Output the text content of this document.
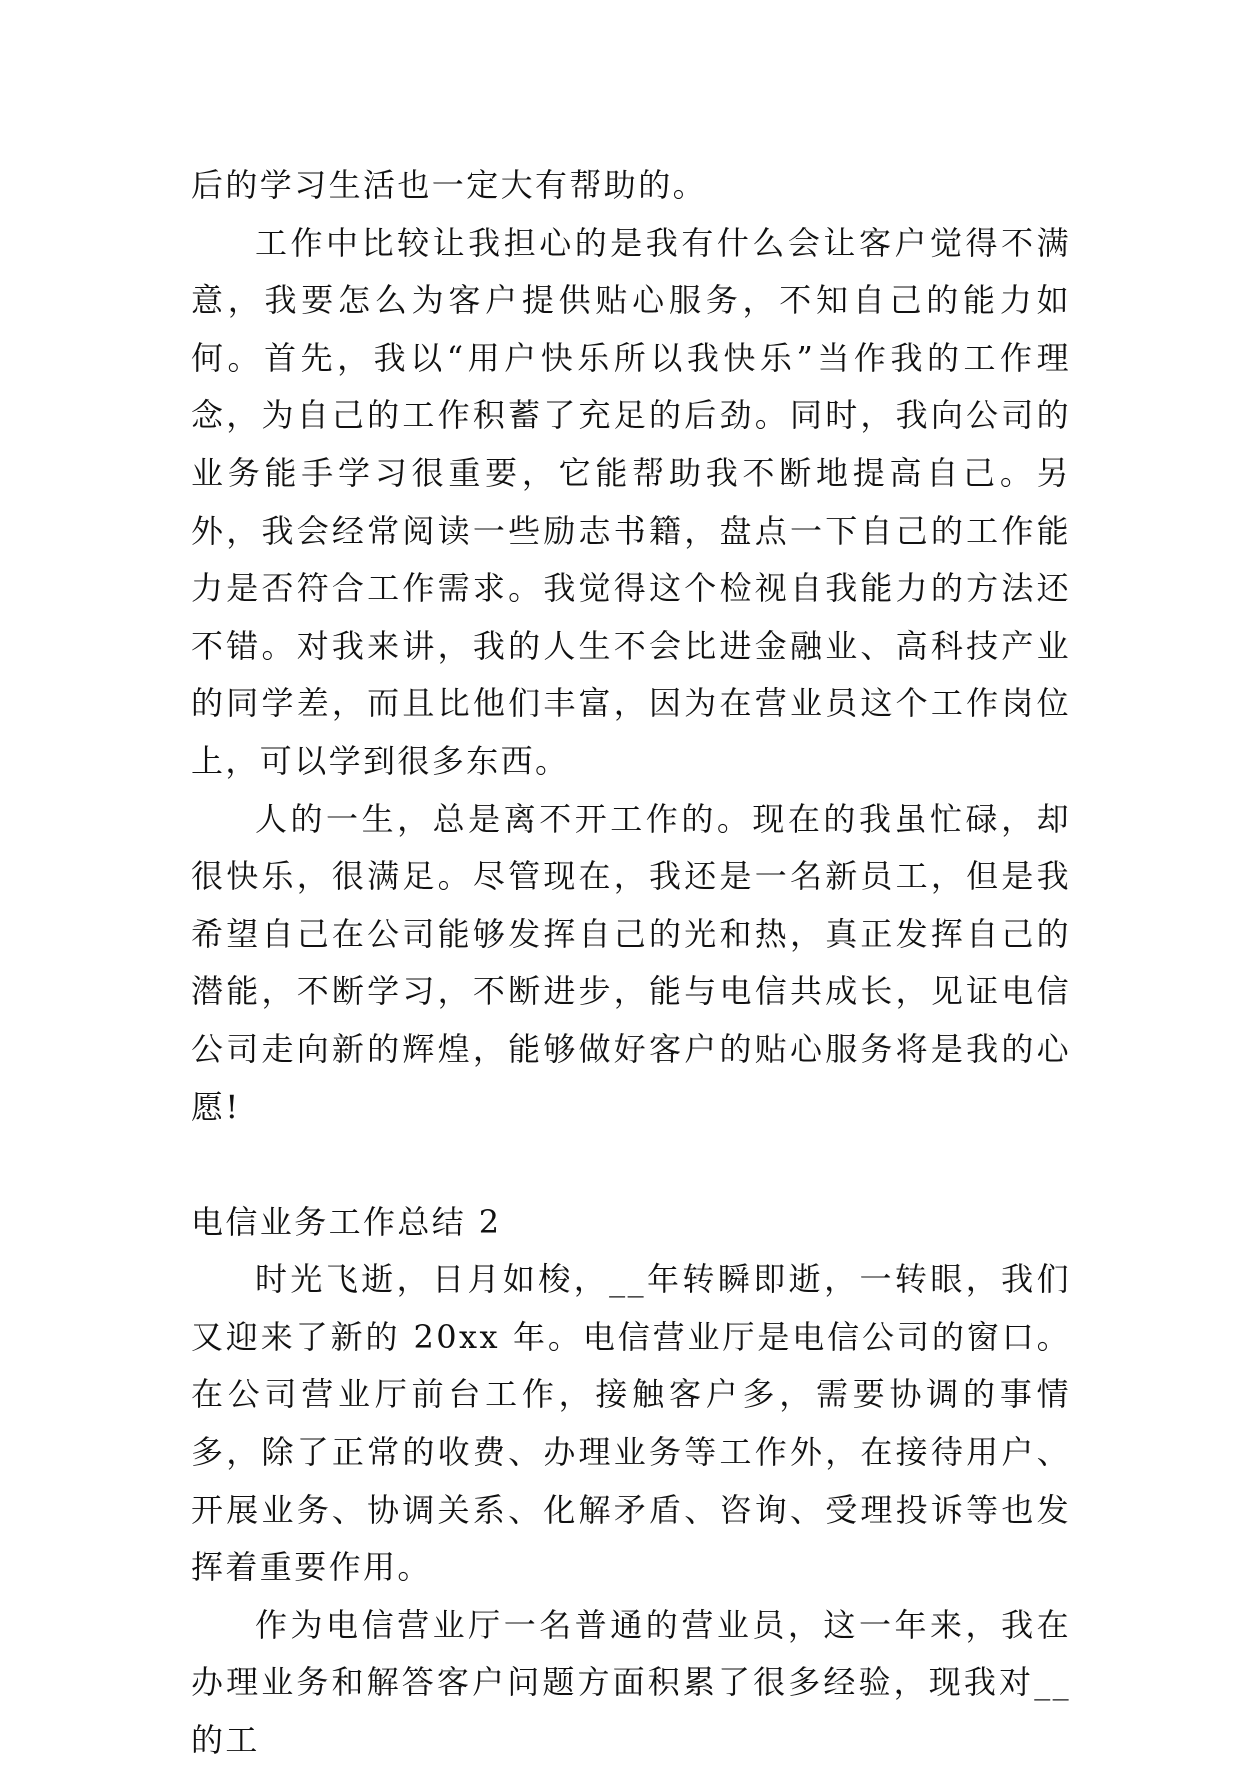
后的学习生活也一定大有帮助的。

工作中比较让我担心的是我有什么会让客户觉得不满意，我要怎么为客户提供贴心服务，不知自己的能力如何。首先，我以“用户快乐所以我快乐”当作我的工作理念，为自己的工作积蓄了充足的后劲。同时，我向公司的业务能手学习很重要，它能帮助我不断地提高自己。另外，我会经常阅读一些励志书籍，盘点一下自己的工作能力是否符合工作需求。我觉得这个检视自我能力的方法还不错。对我来讲，我的人生不会比进金融业、高科技产业的同学差，而且比他们丰富，因为在营业员这个工作岗位上，可以学到很多东西。

人的一生，总是离不开工作的。现在的我虽忙碌，却很快乐，很满足。尽管现在，我还是一名新员工，但是我希望自己在公司能够发挥自己的光和热，真正发挥自己的潜能，不断学习，不断进步，能与电信共成长，见证电信公司走向新的辉煌，能够做好客户的贴心服务将是我的心愿!

电信业务工作总结 2

时光飞逝，日月如梭，__年转瞬即逝，一转眼，我们又迎来了新的 20xx 年。电信营业厅是电信公司的窗口。在公司营业厅前台工作，接触客户多，需要协调的事情多，除了正常的收费、办理业务等工作外，在接待用户、开展业务、协调关系、化解矛盾、咨询、受理投诉等也发挥着重要作用。

作为电信营业厅一名普通的营业员，这一年来，我在办理业务和解答客户问题方面积累了很多经验，现我对__的工
